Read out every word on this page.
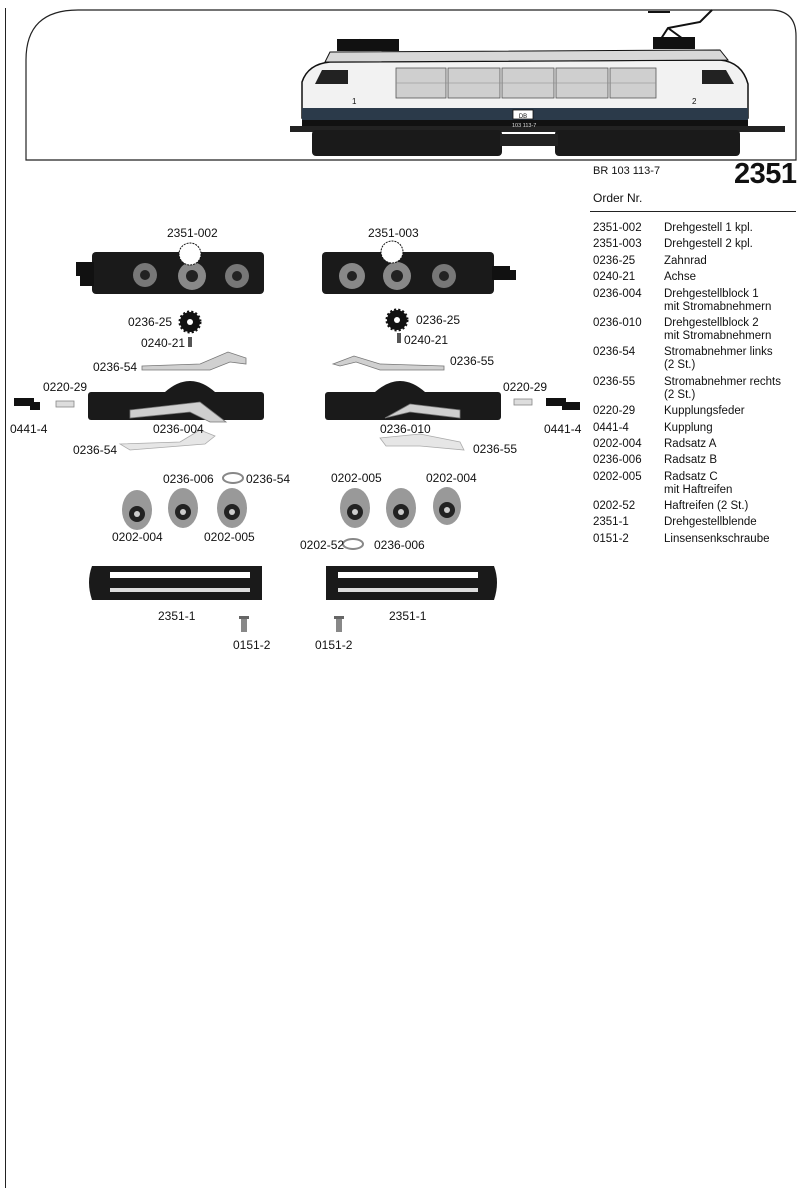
DB
1	2
103 113-7
BR 103 113-7	2351
Order Nr.
2351-002	Drehgestell 1 kpl.
2351-003	Drehgestell 2 kpl.
0236-25	Zahnrad
0240-21	Achse
0236-004	Drehgestellblock 1
mit Stromabnehmern
0236-010	Drehgestellblock 2
mit Stromabnehmern
0236-54	Stromabnehmer links
(2 St.)
0236-55	Stromabnehmer rechts
(2 St.)
0220-29	Kupplungsfeder
0441-4	Kupplung
0202-004	Radsatz A
0236-006	Radsatz B
0202-005	Radsatz C
mit Haftreifen
0202-52	Haftreifen (2 St.)
2351-1	Drehgestellblende
0151-2	Linsensenkschraube
2351-002	2351-003
0236-25	0236-25
0240-21	0240-21
0236-54	0236-55
0220-29	0220-29
0441-4	0441-4
0236-004	0236-010
0236-54	0236-55
0236-006	0236-54	0202-005	0202-004
0202-004	0202-005
0202-52 0236-006
2351-1	2351-1
0151-2	0151-2
